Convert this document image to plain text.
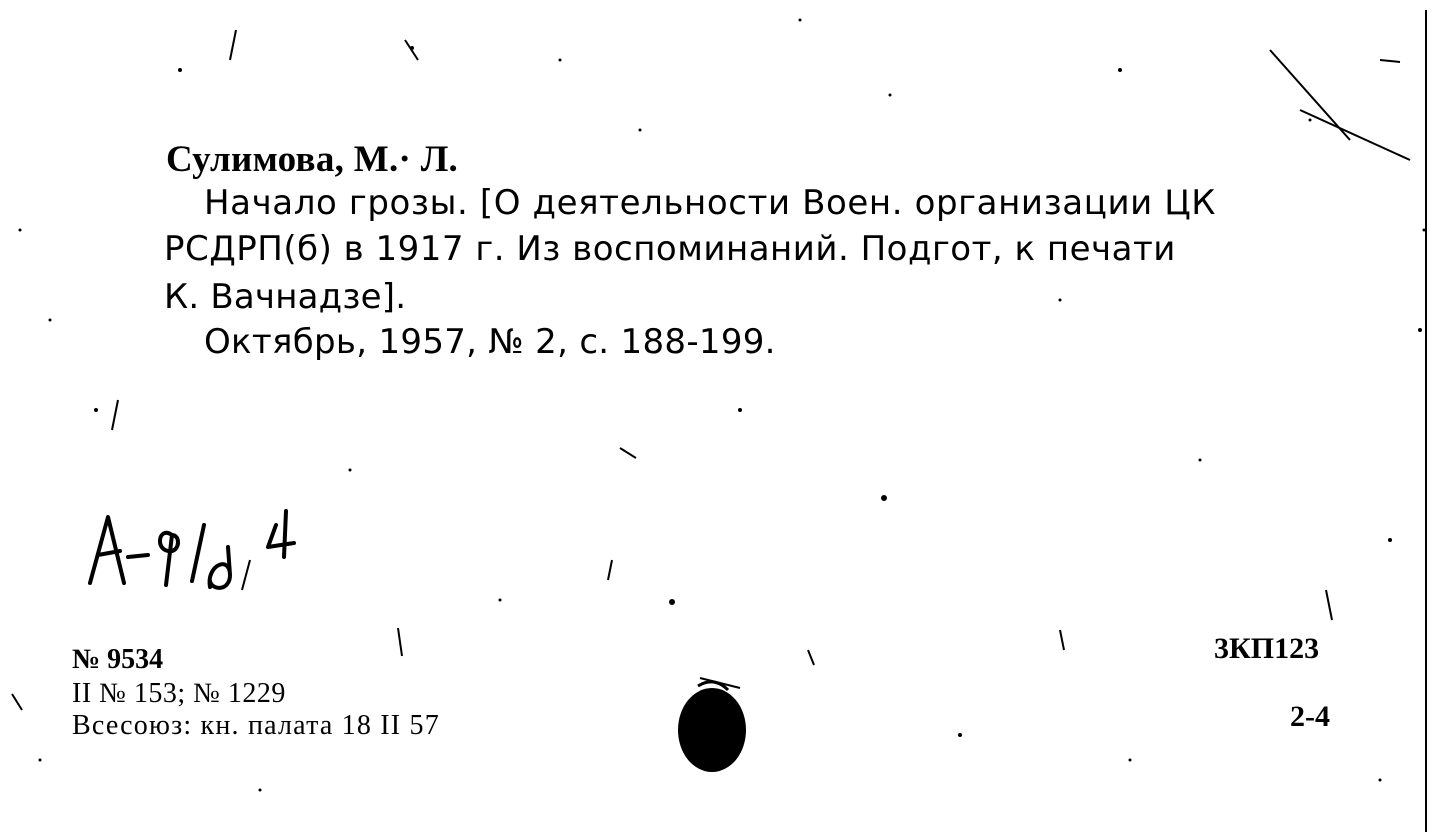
Сулимова, М.· Л.
Начало грозы. [О деятельности Воен. организации ЦК
РСДРП(б) в 1917 г. Из воспоминаний. Подгот, к печати
К. Вачнадзе].
Октябрь, 1957, № 2, с. 188-199.
№ 9534
II № 153; № 1229
Всесоюз: кн. палата 18 II 57
3КП123
2-4
